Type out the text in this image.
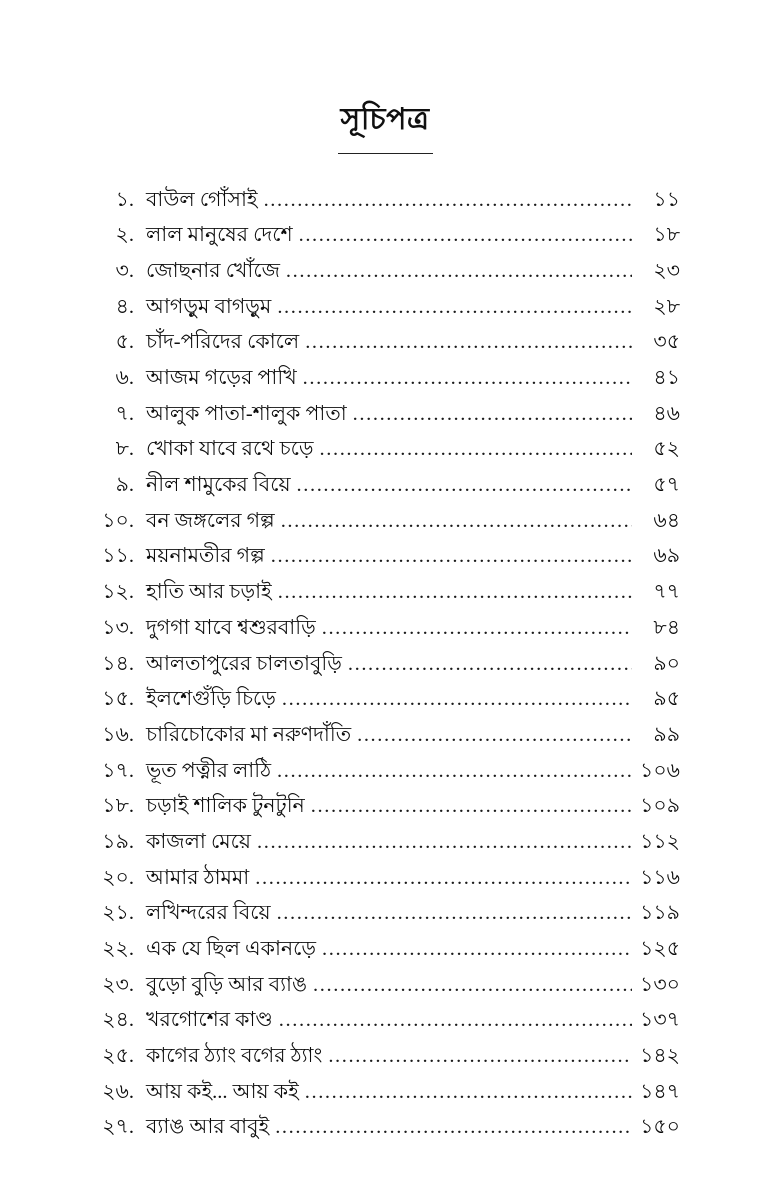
সূচিপত্র
১. বাউল গোঁসাই .....	১১
২. লাল মানুষের দেশে .....	১৮
৩. জোছনার খোঁজে .....	২৩
৪. আগড়ুম বাগড়ুম .....	২৮
৫. চাঁদ-পরিদের কোলে .....	৩৫
৬. আজম গড়ের পাখি .....	৪১
৭. আলুক পাতা-শালুক পাতা .....	৪৬
৮. খোকা যাবে রথে চড়ে .....	৫২
৯. নীল শামুকের বিয়ে .....	৫৭
১০. বন জঙ্গলের গল্প .....	৬৪
১১. ময়নামতীর গল্প .....	৬৯
১২. হাতি আর চড়াই .....	৭৭
১৩. দুগগা যাবে শ্বশুরবাড়ি .....	৮৪
১৪. আলতাপুরের চালতাবুড়ি .....	৯০
১৫. ইলশেগুঁড়ি চিড়ে .....	৯৫
১৬. চারিচোকোর মা নরুণদাঁতি .....	৯৯
১৭. ভূত পত্নীর লাঠি .....	১০৬
১৮. চড়াই শালিক টুনটুনি .....	১০৯
১৯. কাজলা মেয়ে .....	১১২
২০. আমার ঠাম‌মা .....	১১৬
২১. লখিন্দরের বিয়ে .....	১১৯
২২. এক যে ছিল একানড়ে .....	১২৫
২৩. বুড়ো বুড়ি আর ব্যাঙ .....	১৩০
২৪. খরগোশের কাণ্ড .....	১৩৭
২৫. কাগের ঠ্যাং বগের ঠ্যাং .....	১৪২
২৬. আয় কই... আয় কই .....	১৪৭
২৭. ব্যাঙ আর বাবুই .....	১৫০
